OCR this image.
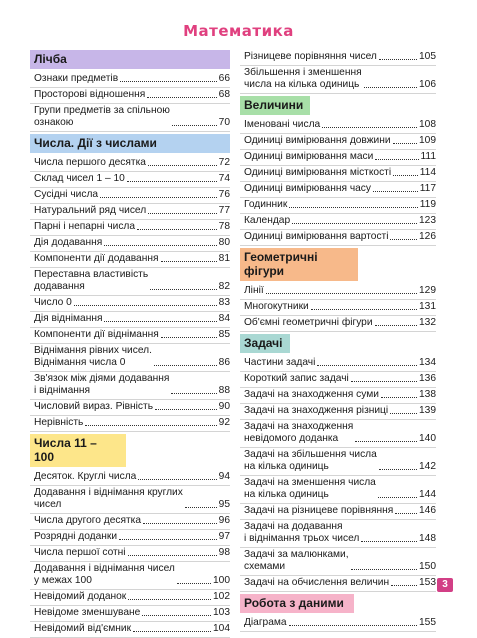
Математика
Лічба
Ознаки предметів	66
Просторові відношення	68
Групи предметів за спільною
ознакою	70
Числа. Дії з числами
Числа першого десятка	72
Склад чисел 1 – 10	74
Сусідні числа	76
Натуральний ряд чисел	77
Парні і непарні числа	78
Дія додавання	80
Компоненти дії додавання	81
Переставна властивість
додавання	82
Число 0	83
Дія віднімання	84
Компоненти дії віднімання	85
Віднімання рівних чисел.
Віднімання числа 0	86
Зв'язок між діями додавання
і віднімання	88
Числовий вираз. Рівність	90
Нерівність	92
Числа 11 – 100
Десяток. Круглі числа	94
Додавання і віднімання круглих
чисел	95
Числа другого десятка	96
Розрядні доданки	97
Числа першої сотні	98
Додавання і віднімання чисел
у межах 100	100
Невідомий доданок	102
Невідоме зменшуване	103
Невідомий від'ємник	104
Різницеве порівняння чисел	105
Збільшення і зменшення
числа на кілька одиниць	106
Величини
Іменовані числа	108
Одиниці вимірювання довжини	109
Одиниці вимірювання маси	111
Одиниці вимірювання місткості	114
Одиниці вимірювання часу	117
Годинник	119
Календар	123
Одиниці вимірювання вартості	126
Геометричні фігури
Лінії	129
Многокутники	131
Об'ємні геометричні фігури	132
Задачі
Частини задачі	134
Короткий запис задачі	136
Задачі на знаходження суми	138
Задачі на знаходження різниці	139
Задачі на знаходження
невідомого доданка	140
Задачі на збільшення числа
на кілька одиниць	142
Задачі на зменшення числа
на кілька одиниць	144
Задачі на різницеве порівняння	146
Задачі на додавання
і віднімання трьох чисел	148
Задачі за малюнками,
схемами	150
Задачі на обчислення величин	153
Робота з даними
Діаграма	155
3
